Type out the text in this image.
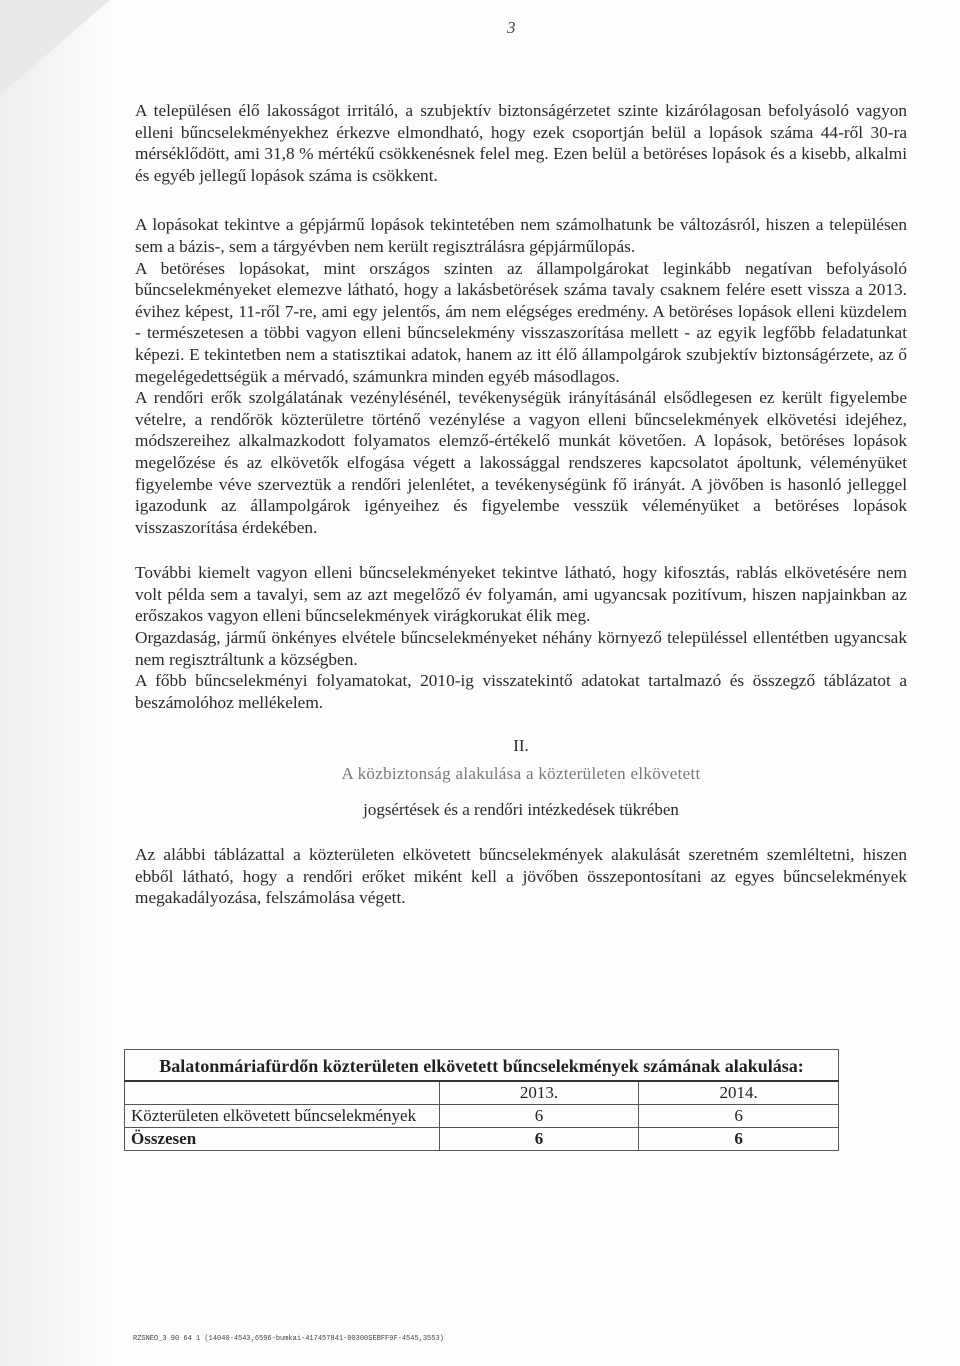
3

A településen élő lakosságot irritáló, a szubjektív biztonságérzetet szinte kizárólagosan befolyásoló vagyon elleni bűncselekményekhez érkezve elmondható, hogy ezek csoportján belül a lopások száma 44-ről 30-ra mérséklődött, ami 31,8 % mértékű csökkenésnek felel meg. Ezen belül a betöréses lopások és a kisebb, alkalmi és egyéb jellegű lopások száma is csökkent.

A lopásokat tekintve a gépjármű lopások tekintetében nem számolhatunk be változásról, hiszen a településen sem a bázis-, sem a tárgyévben nem került regisztrálásra gépjárműlopás.

A betöréses lopásokat, mint országos szinten az állampolgárokat leginkább negatívan befolyásoló bűncselekményeket elemezve látható, hogy a lakásbetörések száma tavaly csaknem felére esett vissza a 2013. évihez képest, 11-ről 7-re, ami egy jelentős, ám nem elégséges eredmény. A betöréses lopások elleni küzdelem - természetesen a többi vagyon elleni bűncselekmény visszaszorítása mellett - az egyik legfőbb feladatunkat képezi. E tekintetben nem a statisztikai adatok, hanem az itt élő állampolgárok szubjektív biztonságérzete, az ő megelégedettségük a mérvadó, számunkra minden egyéb másodlagos.

A rendőri erők szolgálatának vezénylésénél, tevékenységük irányításánál elsődlegesen ez került figyelembe vételre, a rendőrök közterületre történő vezénylése a vagyon elleni bűncselekmények elkövetési idejéhez, módszereihez alkalmazkodott folyamatos elemző-értékelő munkát követően. A lopások, betöréses lopások megelőzése és az elkövetők elfogása végett a lakossággal rendszeres kapcsolatot ápoltunk, véleményüket figyelembe véve szerveztük a rendőri jelenlétet, a tevékenységünk fő irányát. A jövőben is hasonló jelleggel igazodunk az állampolgárok igényeihez és figyelembe vesszük véleményüket a betöréses lopások visszaszorítása érdekében.

További kiemelt vagyon elleni bűncselekményeket tekintve látható, hogy kifosztás, rablás elkövetésére nem volt példa sem a tavalyi, sem az azt megelőző év folyamán, ami ugyancsak pozitívum, hiszen napjainkban az erőszakos vagyon elleni bűncselekmények virágkorukat élik meg.

Orgazdaság, jármű önkényes elvétele bűncselekményeket néhány környező településsel ellentétben ugyancsak nem regisztráltunk a községben.

A főbb bűncselekményi folyamatokat, 2010-ig visszatekintő adatokat tartalmazó és összegző táblázatot a beszámolóhoz mellékelem.

II.

A közbiztonság alakulása a közterületen elkövetett

jogsértések és a rendőri intézkedések tükrében

Az alábbi táblázattal a közterületen elkövetett bűncselekmények alakulását szeretném szemléltetni, hiszen ebből látható, hogy a rendőri erőket miként kell a jövőben összepontosítani az egyes bűncselekmények megakadályozása, felszámolása végett.

Balatonmáriafürdőn közterületen elkövetett bűncselekmények számának alakulása:		
	2013.	2014.
Közterületen elkövetett bűncselekmények	6	6
Összesen	6	6
RZSNEO_3 90 64 1 (14040-4543,6596-bumkai-417457841-00300SEBFF9F-4545,3553)
